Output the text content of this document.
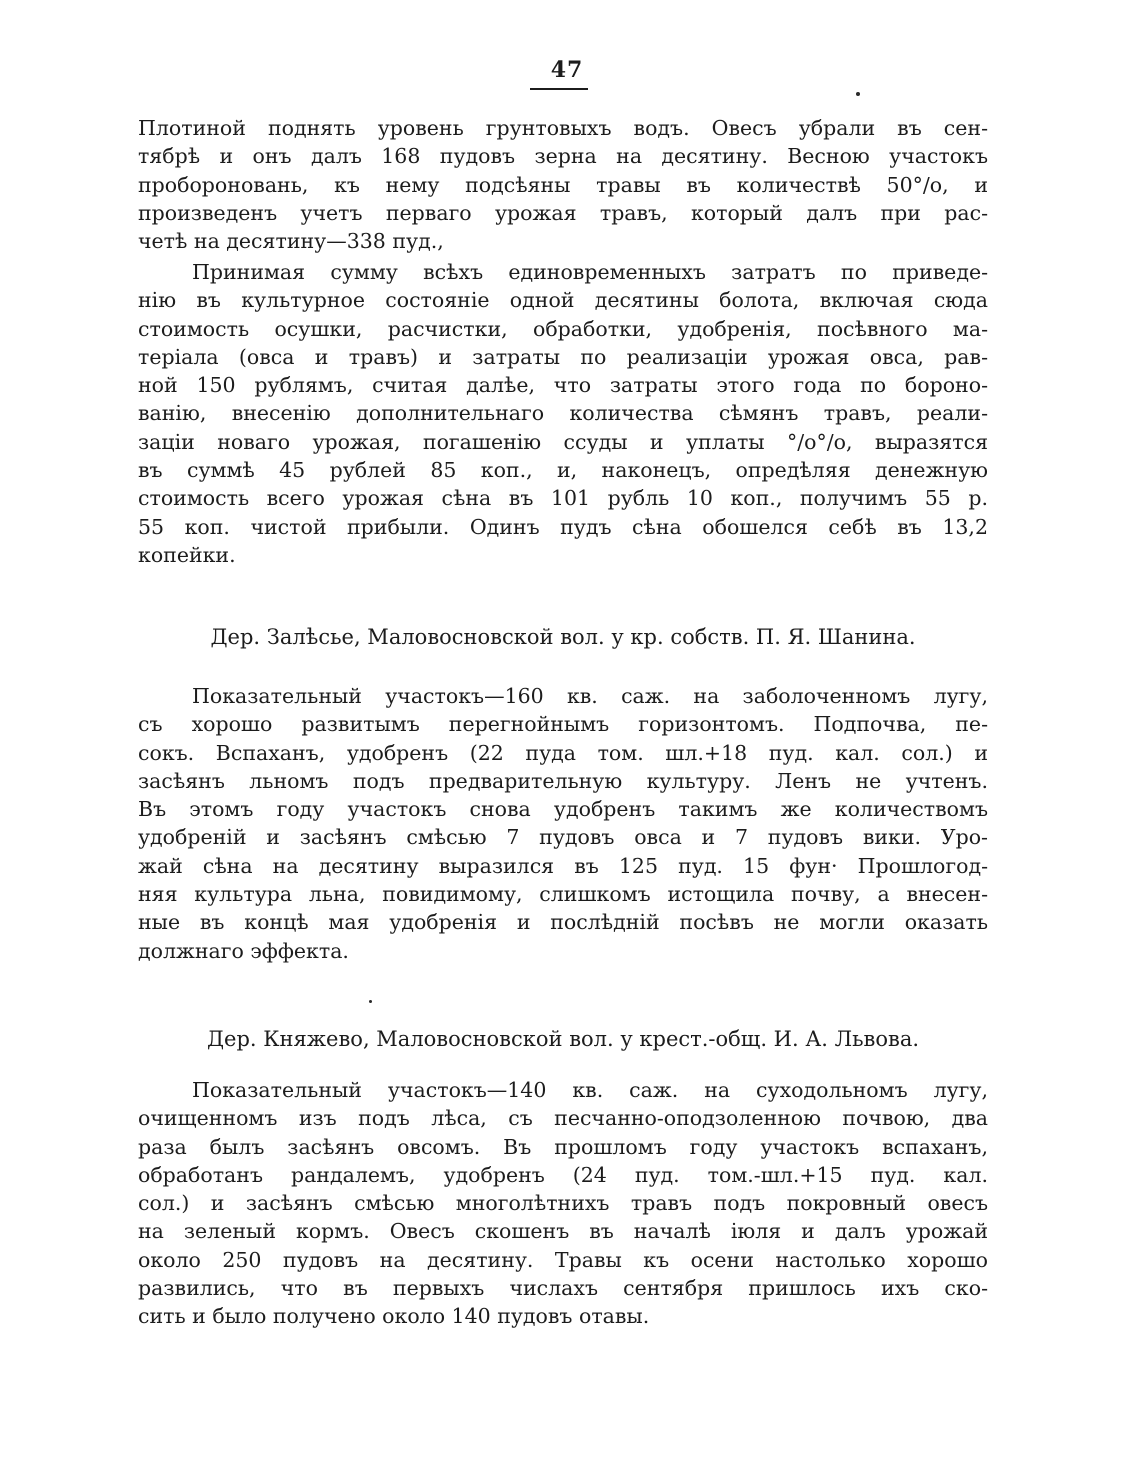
47
Плотиной поднять уровень грунтовыхъ водъ. Овесъ убрали въ сен-
тябрѣ и онъ далъ 168 пудовъ зерна на десятину. Весною участокъ
пробороновань, къ нему подсѣяны травы въ количествѣ 50°/о, и
произведенъ учетъ перваго урожая травъ, который далъ при рас-
четѣ на десятину—338 пуд.,
Принимая сумму всѣхъ единовременныхъ затратъ по приведе-
нію въ культурное состояніе одной десятины болота, включая сюда
стоимость осушки, расчистки, обработки, удобренія, посѣвного ма-
теріала (овса и травъ) и затраты по реализаціи урожая овса, рав-
ной 150 рублямъ, считая далѣе, что затраты этого года по бороно-
ванію, внесенію дополнительнаго количества сѣмянъ травъ, реали-
заціи новаго урожая, погашенію ссуды и уплаты °/о°/о, выразятся
въ суммѣ 45 рублей 85 коп., и, наконецъ, опредѣляя денежную
стоимость всего урожая сѣна въ 101 рубль 10 коп., получимъ 55 р.
55 коп. чистой прибыли. Одинъ пудъ сѣна обошелся себѣ въ 13,2
копейки.
Дер. Залѣсье, Маловосновской вол. у кр. собств. П. Я. Шанина.
Показательный участокъ—160 кв. саж. на заболоченномъ лугу,
съ хорошо развитымъ перегнойнымъ горизонтомъ. Подпочва, пе-
сокъ. Вспаханъ, удобренъ (22 пуда том. шл.+18 пуд. кал. сол.) и
засѣянъ льномъ подъ предварительную культуру. Ленъ не учтенъ.
Въ этомъ году участокъ снова удобренъ такимъ же количествомъ
удобреній и засѣянъ смѣсью 7 пудовъ овса и 7 пудовъ вики. Уро-
жай сѣна на десятину выразился въ 125 пуд. 15 фун· Прошлогод-
няя культура льна, повидимому, слишкомъ истощила почву, а внесен-
ные въ концѣ мая удобренія и послѣдній посѣвъ не могли оказать
должнаго эффекта.
Дер. Княжево, Маловосновской вол. у крест.-общ. И. А. Львова.
Показательный участокъ—140 кв. саж. на суходольномъ лугу,
очищенномъ изъ подъ лѣса, съ песчанно-оподзоленною почвою, два
раза былъ засѣянъ овсомъ. Въ прошломъ году участокъ вспаханъ,
обработанъ рандалемъ, удобренъ (24 пуд. том.-шл.+15 пуд. кал.
сол.) и засѣянъ смѣсью многолѣтнихъ травъ подъ покровный овесъ
на зеленый кормъ. Овесъ скошенъ въ началѣ іюля и далъ урожай
около 250 пудовъ на десятину. Травы къ осени настолько хорошо
развились, что въ первыхъ числахъ сентября пришлось ихъ ско-
сить и было получено около 140 пудовъ отавы.
